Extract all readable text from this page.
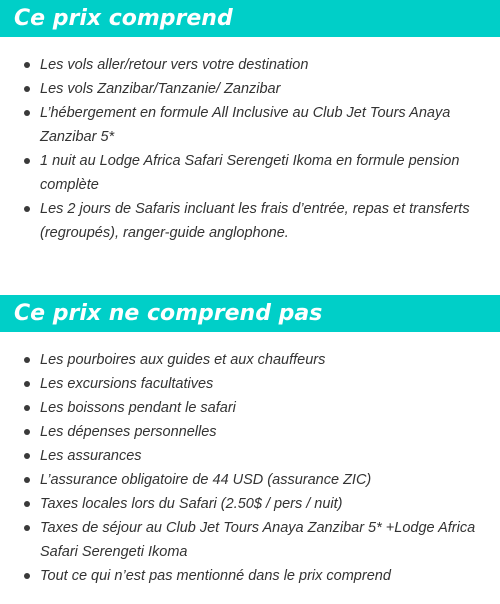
Ce prix comprend
Les vols aller/retour vers votre destination
Les vols Zanzibar/Tanzanie/ Zanzibar
L’hébergement en formule All Inclusive au Club Jet Tours Anaya Zanzibar 5*
1 nuit au Lodge Africa Safari Serengeti Ikoma en formule pension complète
Les 2 jours de Safaris incluant les frais d’entrée, repas et transferts (regroupés), ranger-guide anglophone.
Ce prix ne comprend pas
Les pourboires aux guides et aux chauffeurs
Les excursions facultatives
Les boissons pendant le safari
Les dépenses personnelles
Les assurances
L’assurance obligatoire de 44 USD (assurance ZIC)
Taxes locales lors du Safari (2.50$ / pers / nuit)
Taxes de séjour au Club Jet Tours Anaya Zanzibar 5* +Lodge Africa Safari Serengeti Ikoma
Tout ce qui n’est pas mentionné dans le prix comprend
